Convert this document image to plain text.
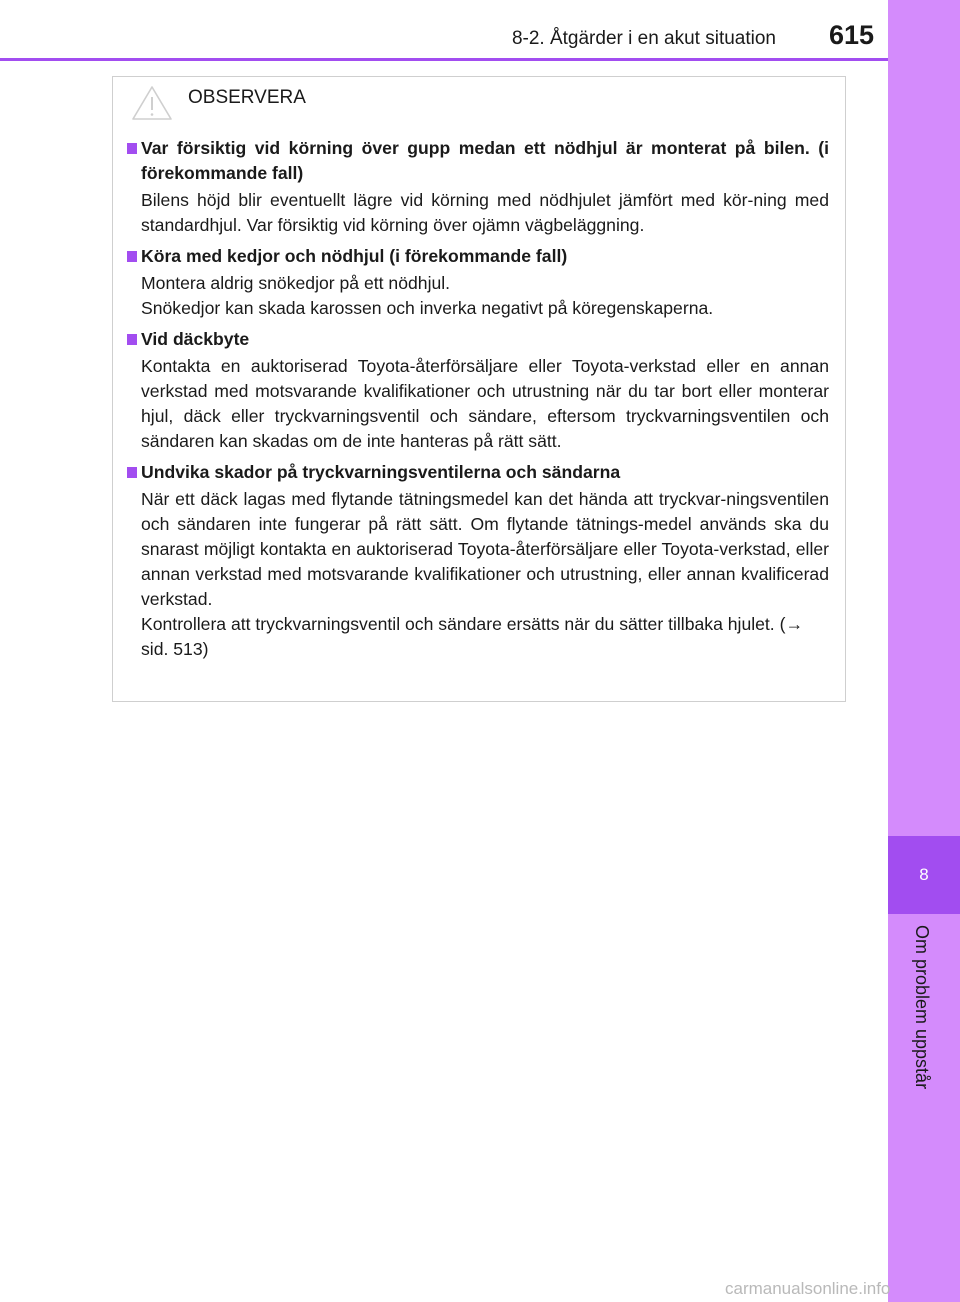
8-2. Åtgärder i en akut situation 615
8
Om problem uppstår
OBSERVERA
Var försiktig vid körning över gupp medan ett nödhjul är monterat på bilen. (i förekommande fall)
Bilens höjd blir eventuellt lägre vid körning med nödhjulet jämfört med kör-ning med standardhjul. Var försiktig vid körning över ojämn vägbeläggning.
Köra med kedjor och nödhjul (i förekommande fall)
Montera aldrig snökedjor på ett nödhjul.
Snökedjor kan skada karossen och inverka negativt på köregenskaperna.
Vid däckbyte
Kontakta en auktoriserad Toyota-återförsäljare eller Toyota-verkstad eller en annan verkstad med motsvarande kvalifikationer och utrustning när du tar bort eller monterar hjul, däck eller tryckvarningsventil och sändare, eftersom tryckvarningsventilen och sändaren kan skadas om de inte hanteras på rätt sätt.
Undvika skador på tryckvarningsventilerna och sändarna
När ett däck lagas med flytande tätningsmedel kan det hända att tryckvar-ningsventilen och sändaren inte fungerar på rätt sätt. Om flytande tätnings-medel används ska du snarast möjligt kontakta en auktoriserad Toyota-återförsäljare eller Toyota-verkstad, eller annan verkstad med motsvarande kvalifikationer och utrustning, eller annan kvalificerad verkstad.
Kontrollera att tryckvarningsventil och sändare ersätts när du sätter tillbaka hjulet. (→ sid. 513)
carmanualsonline.info
